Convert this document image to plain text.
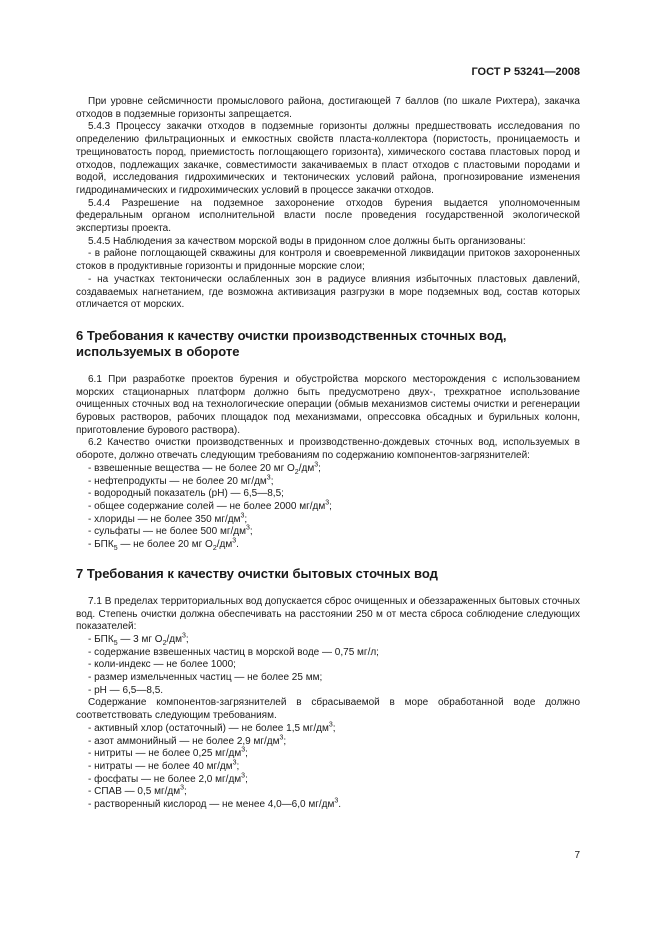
ГОСТ Р 53241—2008

При уровне сейсмичности промыслового района, достигающей 7 баллов (по шкале Рихтера), закачка отходов в подземные горизонты запрещается.

5.4.3 Процессу закачки отходов в подземные горизонты должны предшествовать исследования по определению фильтрационных и емкостных свойств пласта-коллектора (пористость, проницаемость и трещиноватость пород, приемистость поглощающего горизонта), химического состава пластовых пород и отходов, подлежащих закачке, совместимости закачиваемых в пласт отходов с пластовыми породами и водой, исследования гидрохимических и тектонических условий района, прогнозирование изменения гидродинамических и гидрохимических условий в процессе закачки отходов.

5.4.4 Разрешение на подземное захоронение отходов бурения выдается уполномоченным федеральным органом исполнительной власти после проведения государственной экологической экспертизы проекта.

5.4.5 Наблюдения за качеством морской воды в придонном слое должны быть организованы:

- в районе поглощающей скважины для контроля и своевременной ликвидации притоков захороненных стоков в продуктивные горизонты и придонные морские слои;

- на участках тектонически ослабленных зон в радиусе влияния избыточных пластовых давлений, создаваемых нагнетанием, где возможна активизация разгрузки в море подземных вод, состав которых отличается от морских.

6 Требования к качеству очистки производственных сточных вод, используемых в обороте

6.1 При разработке проектов бурения и обустройства морского месторождения с использованием морских стационарных платформ должно быть предусмотрено двух-, трехкратное использование очищенных сточных вод на технологические операции (обмыв механизмов системы очистки и регенерации буровых растворов, рабочих площадок под механизмами, опрессовка обсадных и бурильных колонн, приготовление бурового раствора).

6.2 Качество очистки производственных и производственно-дождевых сточных вод, используемых в обороте, должно отвечать следующим требованиям по содержанию компонентов-загрязнителей:

- взвешенные вещества — не более 20 мг $O_2/дм^3$;

- нефтепродукты — не более 20 $мг/дм^3$;

- водородный показатель (pH) — 6,5—8,5;

- общее содержание солей — не более 2000 $мг/дм^3$;

- хлориды — не более 350 $мг/дм^3$;

- сульфаты — не более 500 $мг/дм^3$;

- $БПК_5$ — не более 20 мг $O_2/дм^3$.

7 Требования к качеству очистки бытовых сточных вод

7.1 В пределах территориальных вод допускается сброс очищенных и обеззараженных бытовых сточных вод. Степень очистки должна обеспечивать на расстоянии 250 м от места сброса соблюдение следующих показателей:

- $БПК_5$ — 3 мг $O_2/дм^3$;

- содержание взвешенных частиц в морской воде — 0,75 мг/л;

- коли-индекс — не более 1000;

- размер измельченных частиц — не более 25 мм;

- pH — 6,5—8,5.

Содержание компонентов-загрязнителей в сбрасываемой в море обработанной воде должно соответствовать следующим требованиям.

- активный хлор (остаточный) — не более 1,5 $мг/дм^3$;

- азот аммонийный — не более 2,9 $мг/дм^3$;

- нитриты — не более 0,25 $мг/дм^3$;

- нитраты — не более 40 $мг/дм^3$;

- фосфаты — не более 2,0 $мг/дм^3$;

- СПАВ — 0,5 $мг/дм^3$;

- растворенный кислород — не менее 4,0—6,0 $мг/дм^3$.

7
